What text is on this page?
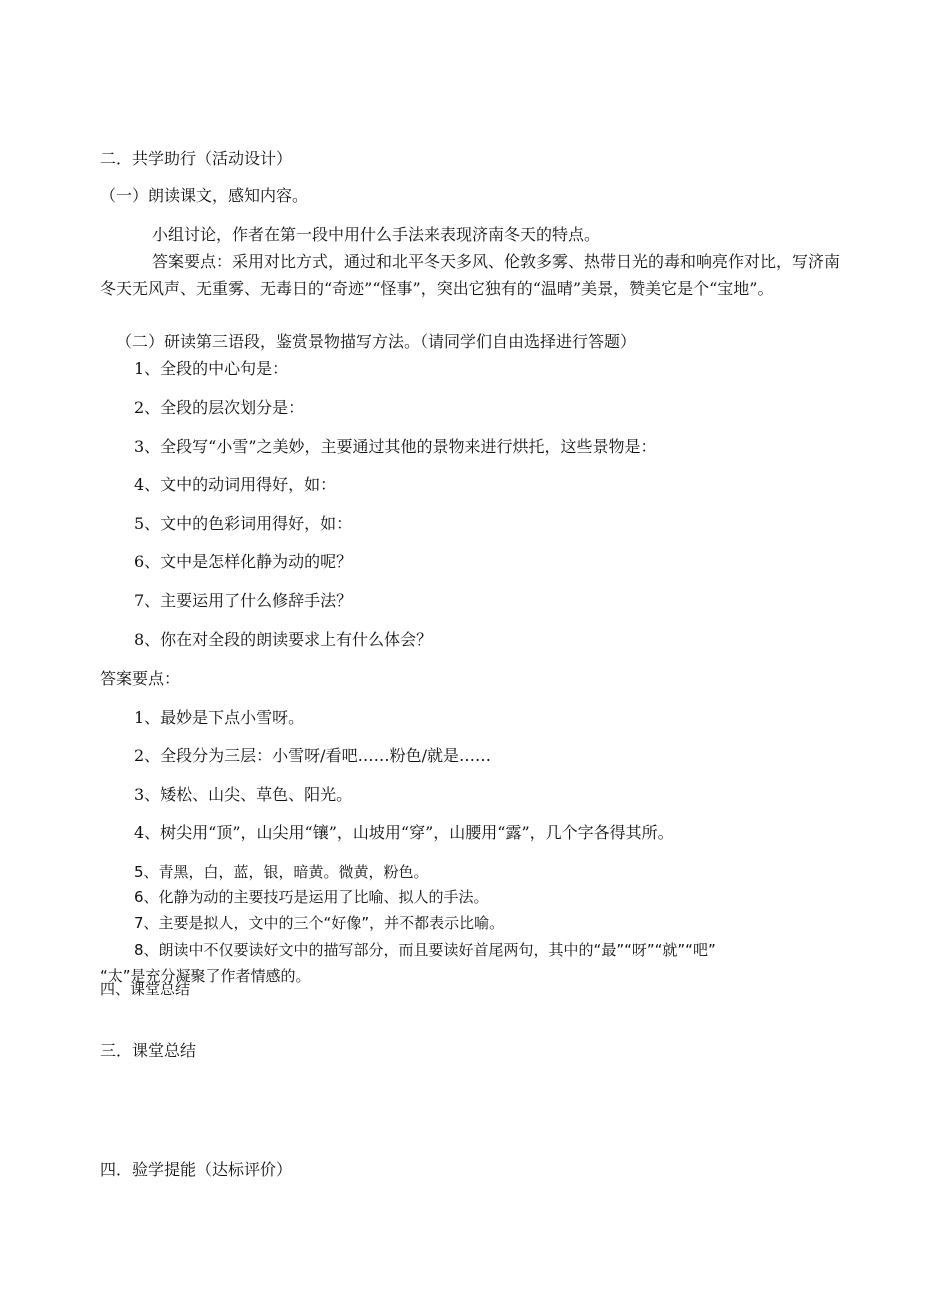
二．共学助行（活动设计）
（一）朗读课文，感知内容。
小组讨论，作者在第一段中用什么手法来表现济南冬天的特点。
答案要点：采用对比方式，通过和北平冬天多风、伦敦多雾、热带日光的毒和响亮作对比，写济南冬天无风声、无重雾、无毒日的“奇迹”“怪事”，突出它独有的“温晴”美景，赞美它是个“宝地”。
（二）研读第三语段，鉴赏景物描写方法。（请同学们自由选择进行答题）
1、全段的中心句是：
2、全段的层次划分是：
3、全段写“小雪”之美妙，主要通过其他的景物来进行烘托，这些景物是：
4、文中的动词用得好，如：
5、文中的色彩词用得好，如：
6、文中是怎样化静为动的呢？
7、主要运用了什么修辞手法？
8、你在对全段的朗读要求上有什么体会？
答案要点：
1、最妙是下点小雪呀。
2、全段分为三层：小雪呀/看吧……粉色/就是……
3、矮松、山尖、草色、阳光。
4、树尖用“顶”，山尖用“镶”，山坡用“穿”，山腰用“露”，几个字各得其所。
5、青黑，白，蓝，银，暗黄。微黄，粉色。
6、化静为动的主要技巧是运用了比喻、拟人的手法。
7、主要是拟人，文中的三个“好像”，并不都表示比喻。
8、朗读中不仅要读好文中的描写部分，而且要读好首尾两句，其中的“最”“呀”“就”“吧”
“太”是充分凝聚了作者情感的。
四、课堂总结
三．课堂总结
四．验学提能（达标评价）
